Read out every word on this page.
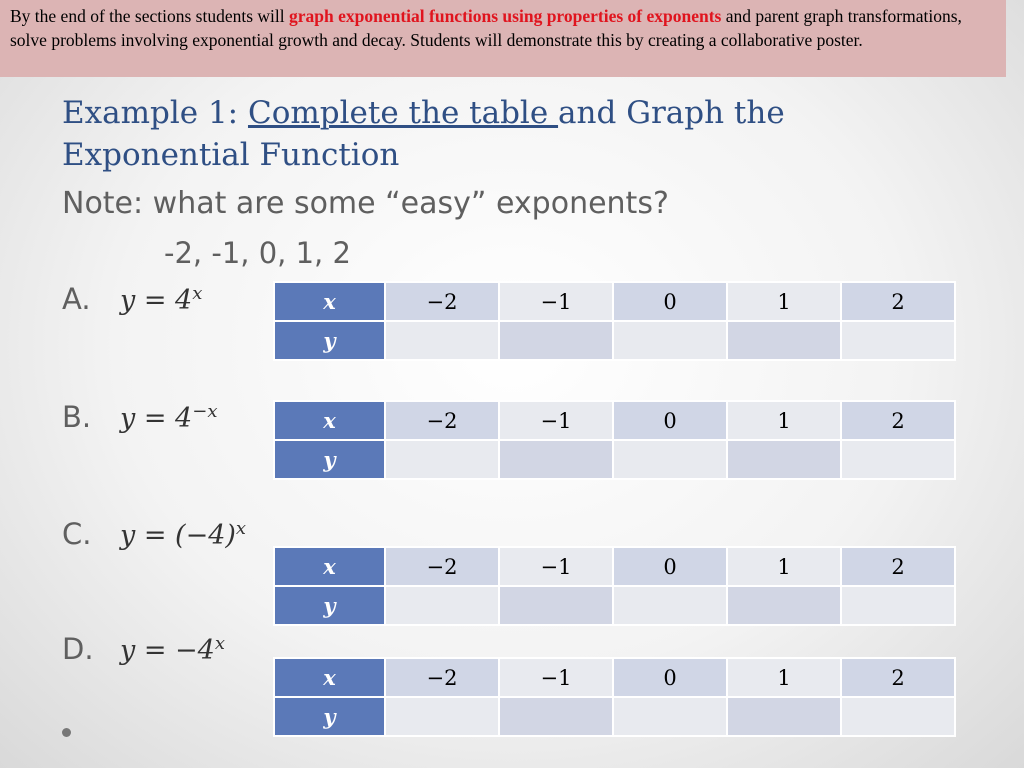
By the end of the sections students will graph exponential functions using properties of exponents and parent graph transformations, solve problems involving exponential growth and decay. Students will demonstrate this by creating a collaborative poster.
Example 1: Complete the table and Graph the Exponential Function
Note: what are some “easy” exponents?
-2, -1, 0, 1, 2
A. $y = 4^x$	x	−2	−1	0	1	2
y					
B. $y = 4^{-x}$	x	−2	−1	0	1	2
y					
C. $y = (-4)^x$
x	−2	−1	0	1	2
y					
D. $y = -4^x$
x	−2	−1	0	1	2
y					
